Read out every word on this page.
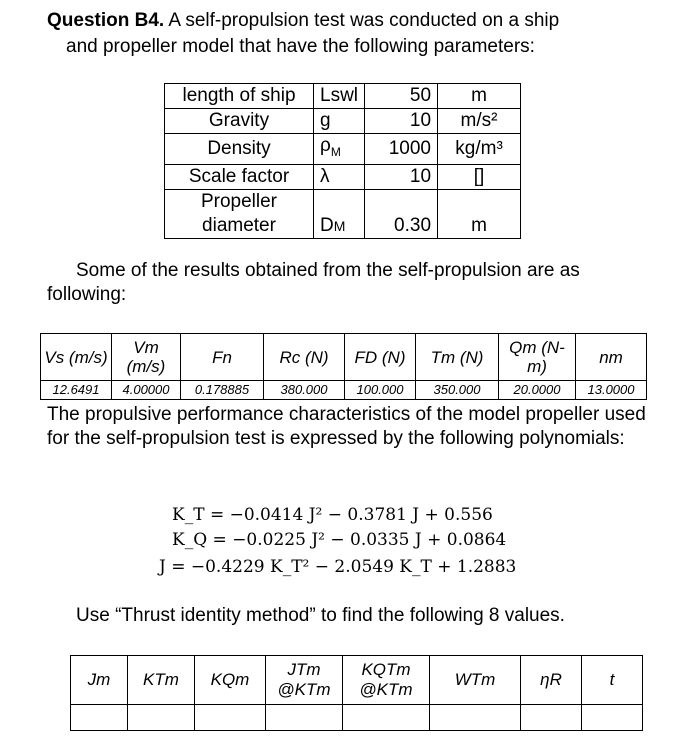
Question B4. A self-propulsion test was conducted on a ship
and propeller model that have the following parameters:
length of ship	Lswl	50	m
Gravity	g	10	m/s²
Density	$\rho_M$	1000	kg/m³
Scale factor	λ	10	[]
Propeller diameter	DM	0.30	m
Some of the results obtained from the self-propulsion are as
following:
Vs (m/s)	Vm (m/s)	Fn	Rc (N)	FD (N)	Tm (N)	Qm (N-m)	nm
12.6491	4.00000	0.178885	380.000	100.000	350.000	20.0000	13.0000
The propulsive performance characteristics of the model propeller used for the self-propulsion test is expressed by the following polynomials:
K_T = −0.0414 J² − 0.3781 J + 0.556
K_Q = −0.0225 J² − 0.0335 J + 0.0864
J = −0.4229 K_T² − 2.0549 K_T + 1.2883
Use “Thrust identity method” to find the following 8 values.
Jm	KTm	KQm	JTm @KTm	KQTm @KTm	WTm	ηR	t
